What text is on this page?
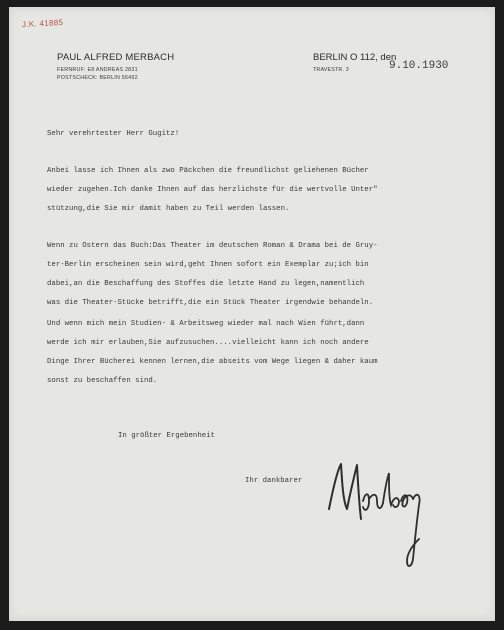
J.K. 41885
PAUL ALFRED MERBACH
FERNRUF: E8 ANDREAS 2831
POSTSCHECK: BERLIN 56492
BERLIN O 112, den
TRAVESTR. 3	9.10.1930
Sehr verehrtester Herr Gugitz!
Anbei lasse ich Ihnen als zwo Päckchen die freundlichst geliehenen Bücher
wieder zugehen.Ich danke Ihnen auf das herzlichste für die wertvolle Unter"
stützung,die Sie mir damit haben zu Teil werden lassen.
Wenn zu Ostern das Buch:Das Theater im deutschen Roman & Drama bei de Gruy-
ter-Berlin erscheinen sein wird,geht Ihnen sofort ein Exemplar zu;ich bin
dabei,an die Beschaffung des Stoffes die letzte Hand zu legen,namentlich
was die Theater-Stücke betrifft,die ein Stück Theater irgendwie behandeln.
Und wenn mich mein Studien- & Arbeitsweg wieder mal nach Wien führt,dann
werde ich mir erlauben,Sie aufzusuchen....vielleicht kann ich noch andere
Dinge Ihrer Bücherei kennen lernen,die abseits vom Wege liegen & daher kaum
sonst zu beschaffen sind.
In größter Ergebenheit
Ihr dankbarer
